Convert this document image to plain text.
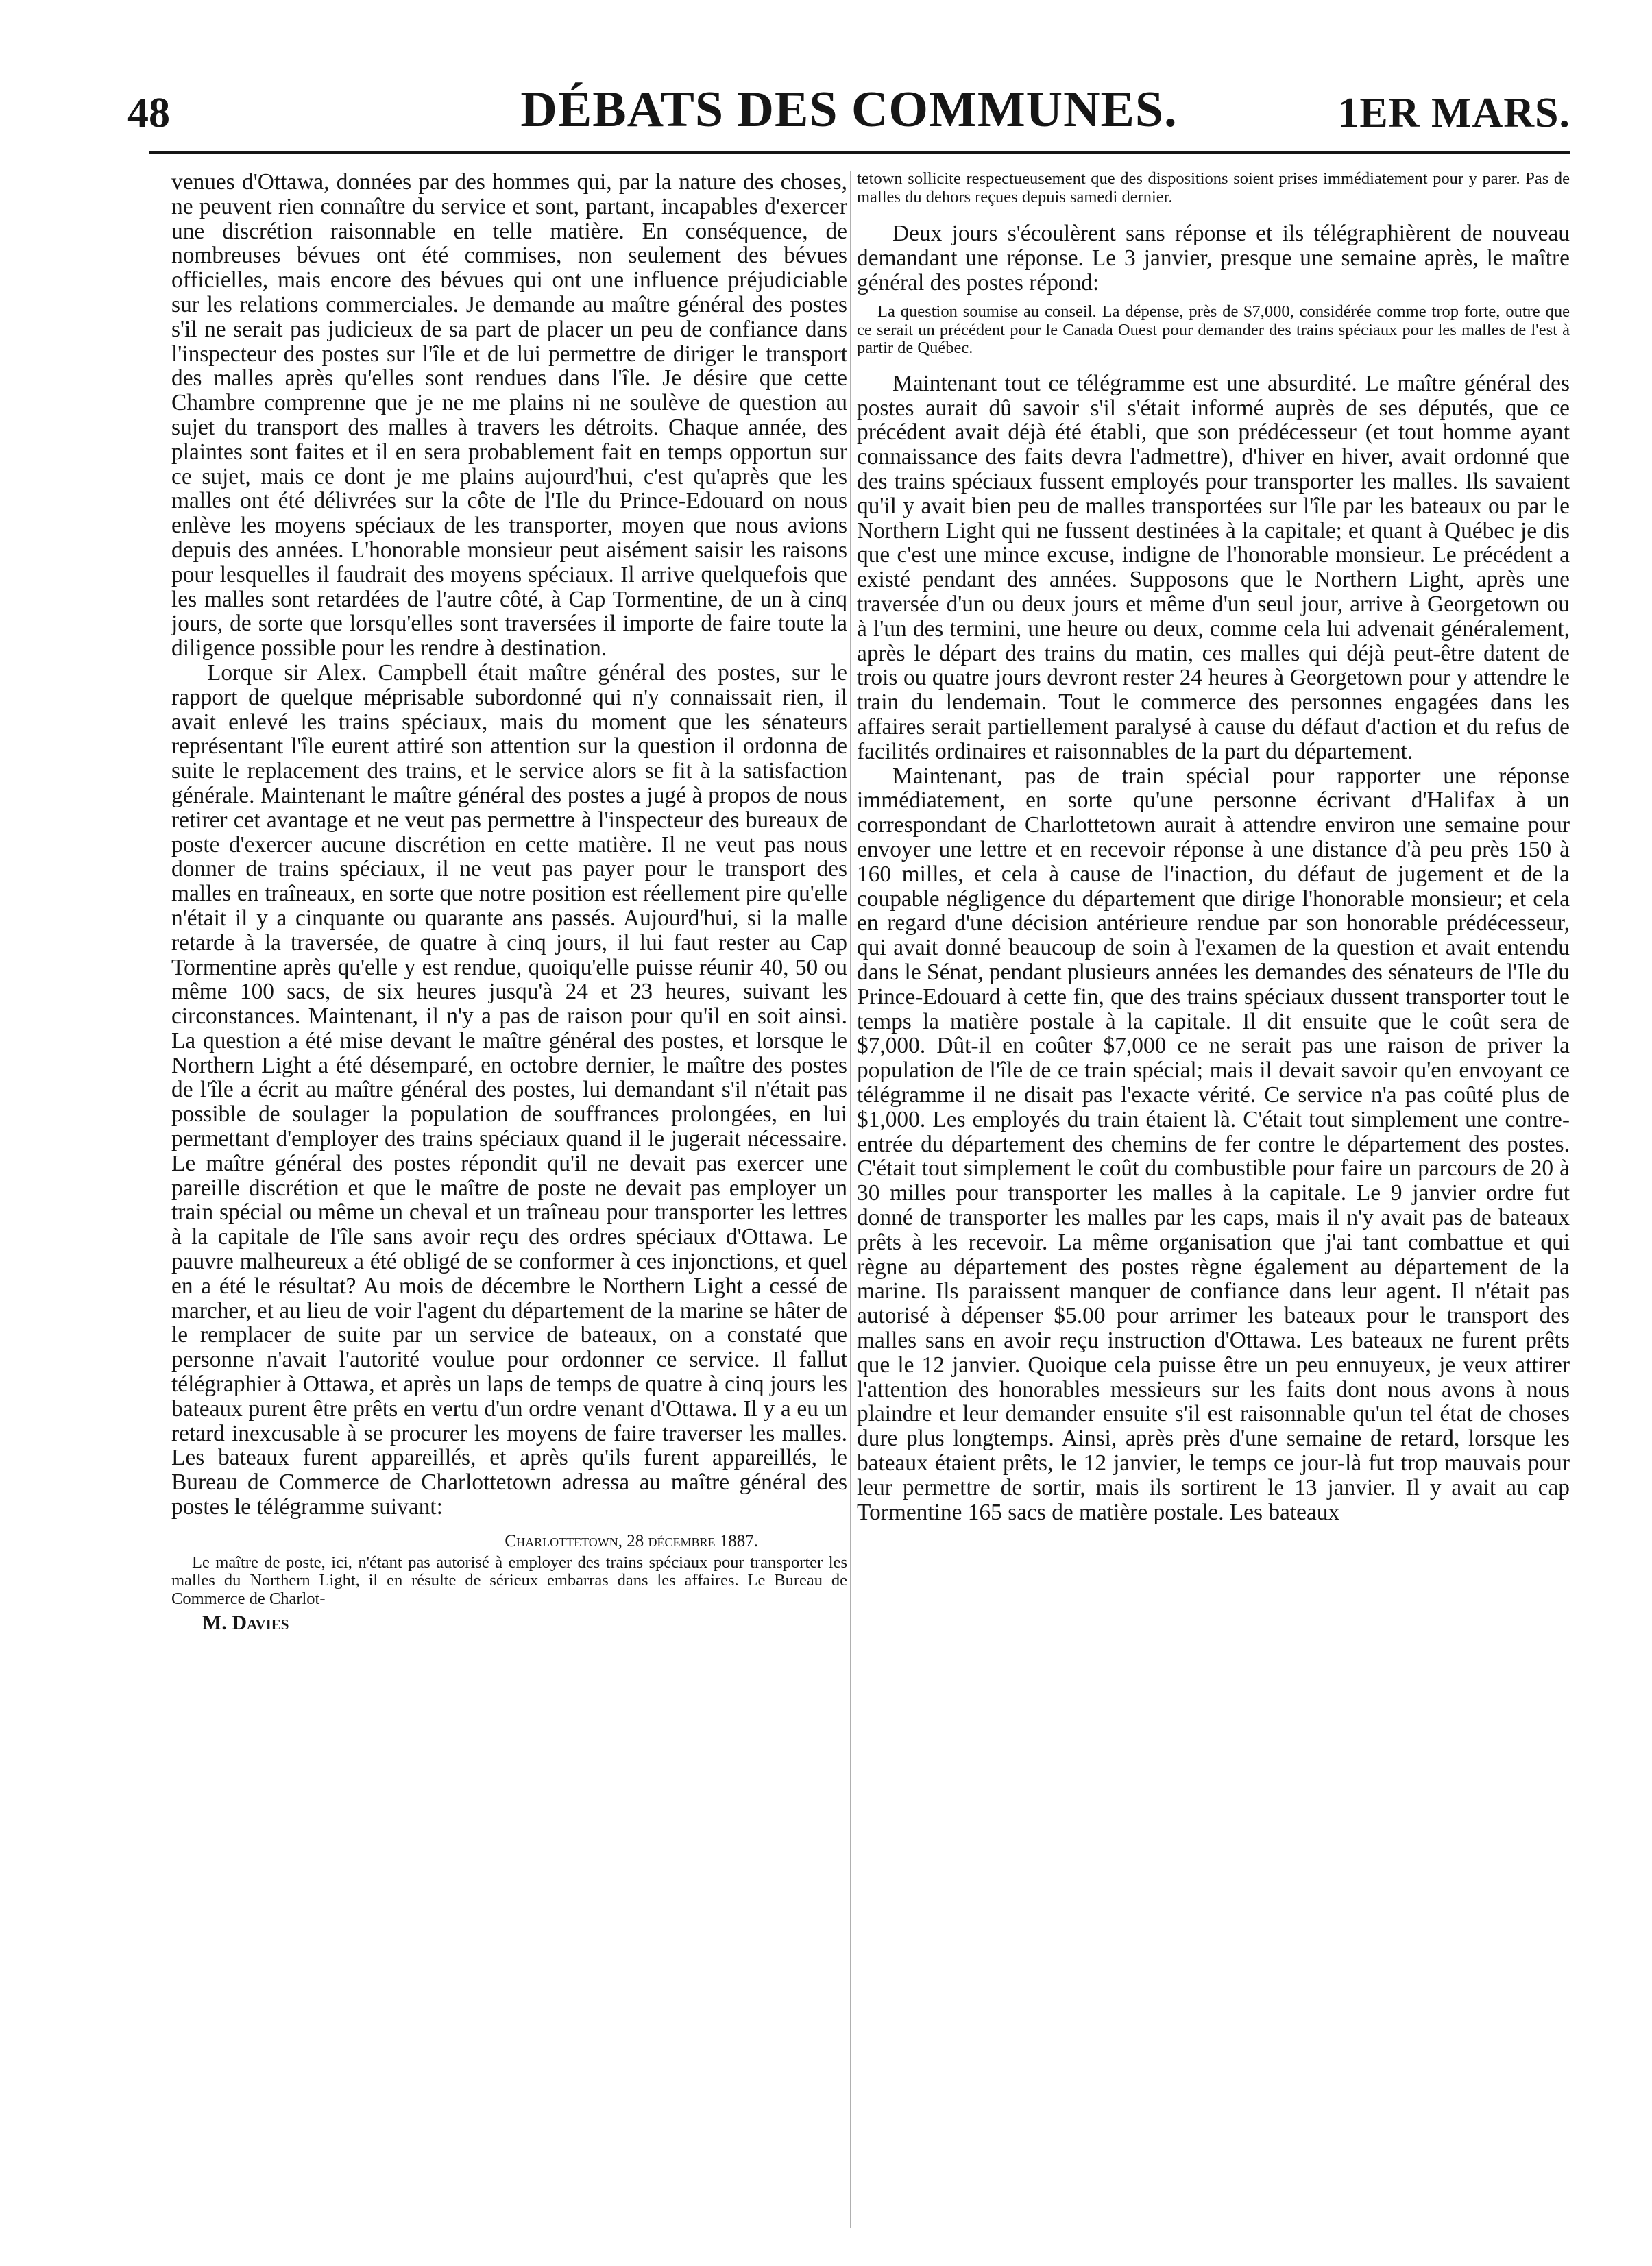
48	DÉBATS DES COMMUNES.	1ER MARS.

venues d'Ottawa, données par des hommes qui, par la nature des choses, ne peuvent rien connaître du service et sont, partant, incapables d'exercer une discrétion raisonnable en telle matière. En conséquence, de nombreuses bévues ont été commises, non seulement des bévues officielles, mais encore des bévues qui ont une influence préjudiciable sur les relations commerciales. Je demande au maître général des postes s'il ne serait pas judicieux de sa part de placer un peu de confiance dans l'inspecteur des postes sur l'île et de lui permettre de diriger le transport des malles après qu'elles sont rendues dans l'île. Je désire que cette Chambre comprenne que je ne me plains ni ne soulève de question au sujet du transport des malles à travers les détroits. Chaque année, des plaintes sont faites et il en sera probablement fait en temps opportun sur ce sujet, mais ce dont je me plains aujourd'hui, c'est qu'après que les malles ont été délivrées sur la côte de l'Ile du Prince-Edouard on nous enlève les moyens spéciaux de les transporter, moyen que nous avions depuis des années. L'honorable monsieur peut aisément saisir les raisons pour lesquelles il faudrait des moyens spéciaux. Il arrive quelquefois que les malles sont retardées de l'autre côté, à Cap Tormentine, de un à cinq jours, de sorte que lorsqu'elles sont traversées il importe de faire toute la diligence possible pour les rendre à destination.

Lorque sir Alex. Campbell était maître général des postes, sur le rapport de quelque méprisable subordonné qui n'y connaissait rien, il avait enlevé les trains spéciaux, mais du moment que les sénateurs représentant l'île eurent attiré son attention sur la question il ordonna de suite le replacement des trains, et le service alors se fit à la satisfaction générale. Maintenant le maître général des postes a jugé à propos de nous retirer cet avantage et ne veut pas permettre à l'inspecteur des bureaux de poste d'exercer aucune discrétion en cette matière. Il ne veut pas nous donner de trains spéciaux, il ne veut pas payer pour le transport des malles en traîneaux, en sorte que notre position est réellement pire qu'elle n'était il y a cinquante ou quarante ans passés. Aujourd'hui, si la malle retarde à la traversée, de quatre à cinq jours, il lui faut rester au Cap Tormentine après qu'elle y est rendue, quoiqu'elle puisse réunir 40, 50 ou même 100 sacs, de six heures jusqu'à 24 et 23 heures, suivant les circonstances. Maintenant, il n'y a pas de raison pour qu'il en soit ainsi. La question a été mise devant le maître général des postes, et lorsque le Northern Light a été désemparé, en octobre dernier, le maître des postes de l'île a écrit au maître général des postes, lui demandant s'il n'était pas possible de soulager la population de souffrances prolongées, en lui permettant d'employer des trains spéciaux quand il le jugerait nécessaire. Le maître général des postes répondit qu'il ne devait pas exercer une pareille discrétion et que le maître de poste ne devait pas employer un train spécial ou même un cheval et un traîneau pour transporter les lettres à la capitale de l'île sans avoir reçu des ordres spéciaux d'Ottawa. Le pauvre malheureux a été obligé de se conformer à ces injonctions, et quel en a été le résultat? Au mois de décembre le Northern Light a cessé de marcher, et au lieu de voir l'agent du département de la marine se hâter de le remplacer de suite par un service de bateaux, on a constaté que personne n'avait l'autorité voulue pour ordonner ce service. Il fallut télégraphier à Ottawa, et après un laps de temps de quatre à cinq jours les bateaux purent être prêts en vertu d'un ordre venant d'Ottawa. Il y a eu un retard inexcusable à se procurer les moyens de faire traverser les malles. Les bateaux furent appareillés, et après qu'ils furent appareillés, le Bureau de Commerce de Charlottetown adressa au maître général des postes le télégramme suivant:

Charlottetown, 28 décembre 1887.

Le maître de poste, ici, n'étant pas autorisé à employer des trains spéciaux pour transporter les malles du Northern Light, il en résulte de sérieux embarras dans les affaires. Le Bureau de Commerce de Charlot-

M. Davies

tetown sollicite respectueusement que des dispositions soient prises immédiatement pour y parer. Pas de malles du dehors reçues depuis samedi dernier.

Deux jours s'écoulèrent sans réponse et ils télégraphièrent de nouveau demandant une réponse. Le 3 janvier, presque une semaine après, le maître général des postes répond:

La question soumise au conseil. La dépense, près de $7,000, considérée comme trop forte, outre que ce serait un précédent pour le Canada Ouest pour demander des trains spéciaux pour les malles de l'est à partir de Québec.

Maintenant tout ce télégramme est une absurdité. Le maître général des postes aurait dû savoir s'il s'était informé auprès de ses députés, que ce précédent avait déjà été établi, que son prédécesseur (et tout homme ayant connaissance des faits devra l'admettre), d'hiver en hiver, avait ordonné que des trains spéciaux fussent employés pour transporter les malles. Ils savaient qu'il y avait bien peu de malles transportées sur l'île par les bateaux ou par le Northern Light qui ne fussent destinées à la capitale; et quant à Québec je dis que c'est une mince excuse, indigne de l'honorable monsieur. Le précédent a existé pendant des années. Supposons que le Northern Light, après une traversée d'un ou deux jours et même d'un seul jour, arrive à Georgetown ou à l'un des termini, une heure ou deux, comme cela lui advenait généralement, après le départ des trains du matin, ces malles qui déjà peut-être datent de trois ou quatre jours devront rester 24 heures à Georgetown pour y attendre le train du lendemain. Tout le commerce des personnes engagées dans les affaires serait partiellement paralysé à cause du défaut d'action et du refus de facilités ordinaires et raisonnables de la part du département.

Maintenant, pas de train spécial pour rapporter une réponse immédiatement, en sorte qu'une personne écrivant d'Halifax à un correspondant de Charlottetown aurait à attendre environ une semaine pour envoyer une lettre et en recevoir réponse à une distance d'à peu près 150 à 160 milles, et cela à cause de l'inaction, du défaut de jugement et de la coupable négligence du département que dirige l'honorable monsieur; et cela en regard d'une décision antérieure rendue par son honorable prédécesseur, qui avait donné beaucoup de soin à l'examen de la question et avait entendu dans le Sénat, pendant plusieurs années les demandes des sénateurs de l'Ile du Prince-Edouard à cette fin, que des trains spéciaux dussent transporter tout le temps la matière postale à la capitale. Il dit ensuite que le coût sera de $7,000. Dût-il en coûter $7,000 ce ne serait pas une raison de priver la population de l'île de ce train spécial; mais il devait savoir qu'en envoyant ce télégramme il ne disait pas l'exacte vérité. Ce service n'a pas coûté plus de $1,000. Les employés du train étaient là. C'était tout simplement une contre-entrée du département des chemins de fer contre le département des postes. C'était tout simplement le coût du combustible pour faire un parcours de 20 à 30 milles pour transporter les malles à la capitale. Le 9 janvier ordre fut donné de transporter les malles par les caps, mais il n'y avait pas de bateaux prêts à les recevoir. La même organisation que j'ai tant combattue et qui règne au département des postes règne également au département de la marine. Ils paraissent manquer de confiance dans leur agent. Il n'était pas autorisé à dépenser $5.00 pour arrimer les bateaux pour le transport des malles sans en avoir reçu instruction d'Ottawa. Les bateaux ne furent prêts que le 12 janvier. Quoique cela puisse être un peu ennuyeux, je veux attirer l'attention des honorables messieurs sur les faits dont nous avons à nous plaindre et leur demander ensuite s'il est raisonnable qu'un tel état de choses dure plus longtemps. Ainsi, après près d'une semaine de retard, lorsque les bateaux étaient prêts, le 12 janvier, le temps ce jour-là fut trop mauvais pour leur permettre de sortir, mais ils sortirent le 13 janvier. Il y avait au cap Tormentine 165 sacs de matière postale. Les bateaux
